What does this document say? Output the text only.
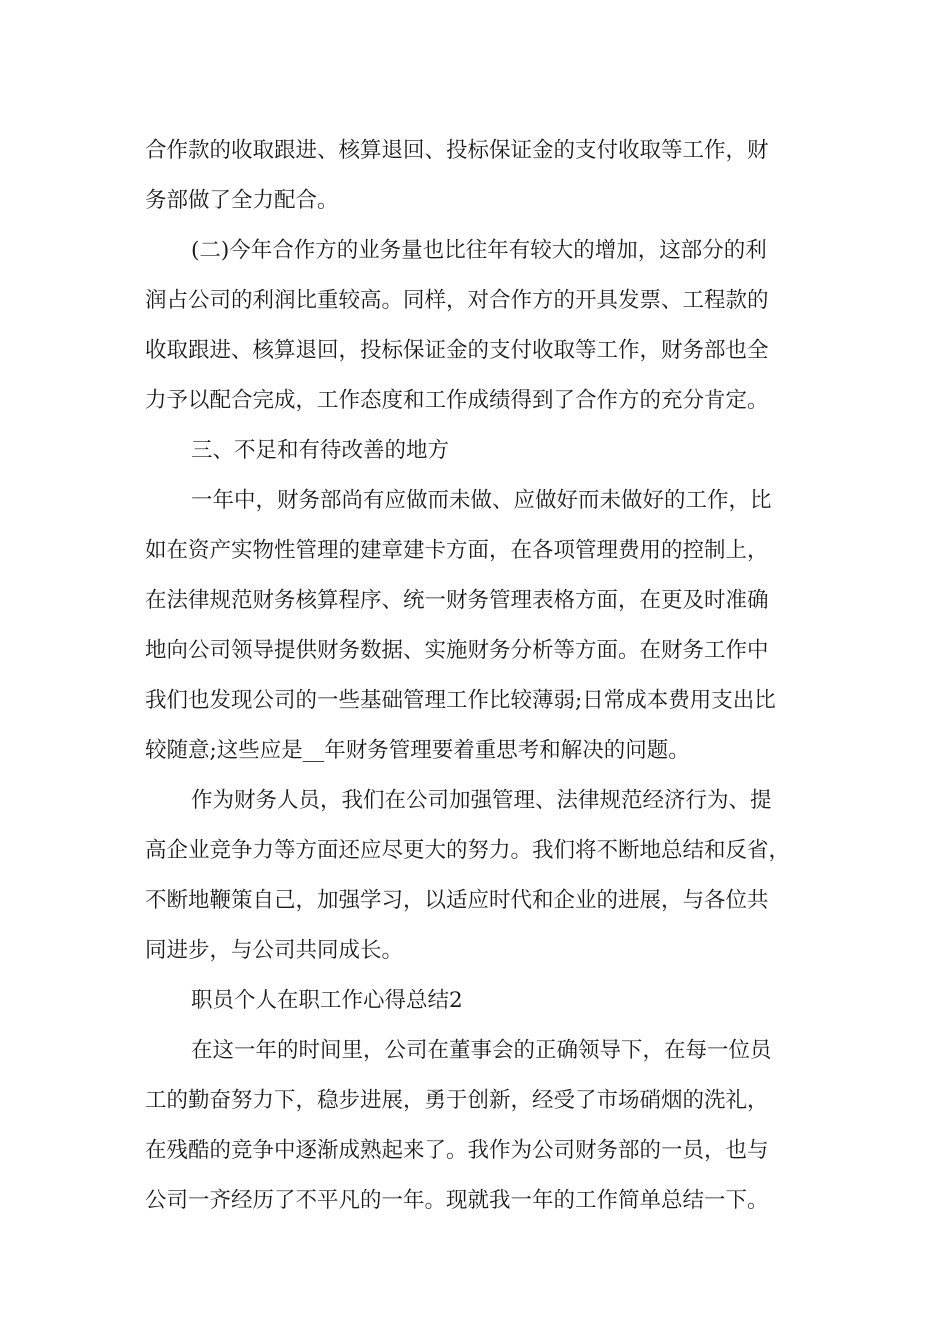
合作款的收取跟进、核算退回、投标保证金的支付收取等工作，财
务部做了全力配合。
(二)今年合作方的业务量也比往年有较大的增加，这部分的利
润占公司的利润比重较高。同样，对合作方的开具发票、工程款的
收取跟进、核算退回，投标保证金的支付收取等工作，财务部也全
力予以配合完成，工作态度和工作成绩得到了合作方的充分肯定。
三、不足和有待改善的地方
一年中，财务部尚有应做而未做、应做好而未做好的工作，比
如在资产实物性管理的建章建卡方面，在各项管理费用的控制上，
在法律规范财务核算程序、统一财务管理表格方面，在更及时准确
地向公司领导提供财务数据、实施财务分析等方面。在财务工作中
我们也发现公司的一些基础管理工作比较薄弱;日常成本费用支出比
较随意;这些应是__年财务管理要着重思考和解决的问题。
作为财务人员，我们在公司加强管理、法律规范经济行为、提
高企业竞争力等方面还应尽更大的努力。我们将不断地总结和反省，
不断地鞭策自己，加强学习，以适应时代和企业的进展，与各位共
同进步，与公司共同成长。
职员个人在职工作心得总结2
在这一年的时间里，公司在董事会的正确领导下，在每一位员
工的勤奋努力下，稳步进展，勇于创新，经受了市场硝烟的洗礼，
在残酷的竞争中逐渐成熟起来了。我作为公司财务部的一员，也与
公司一齐经历了不平凡的一年。现就我一年的工作简单总结一下。
